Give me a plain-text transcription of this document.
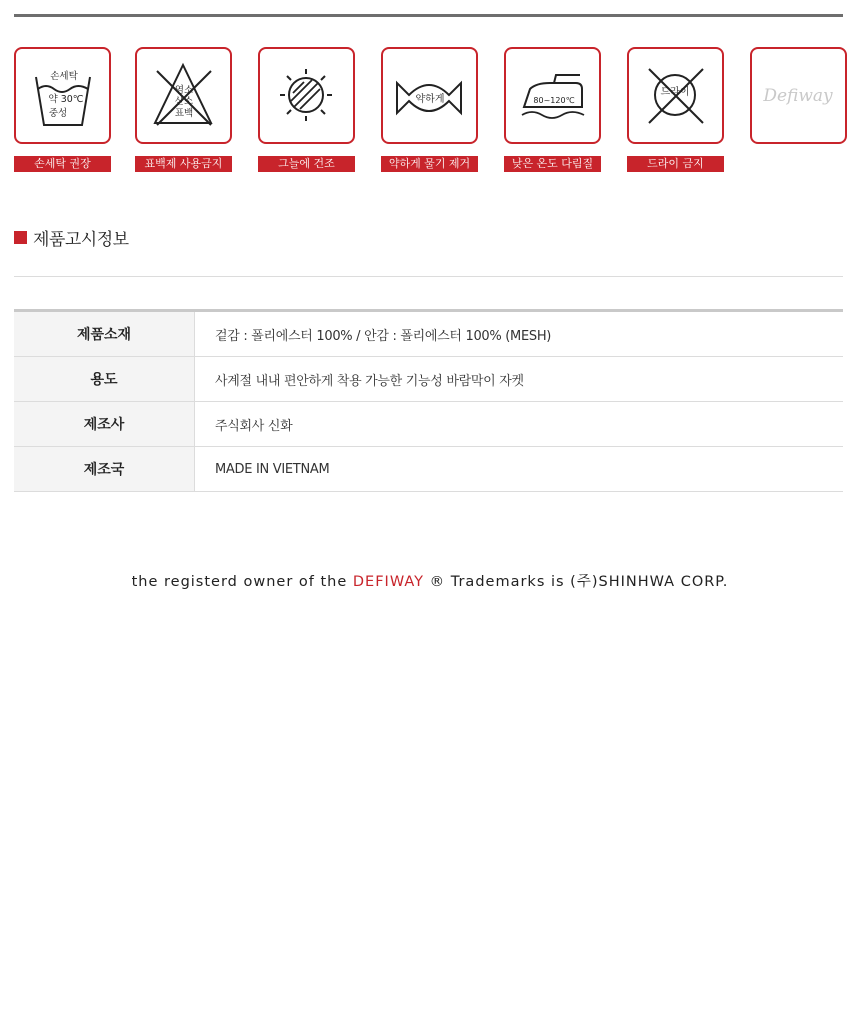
손세탁
약 30℃
중성
손세탁 권장
염소
산소
표백
표백제 사용금지	그늘에 건조
약하게
약하게 물기 제거
80~120℃
낮은 온도 다림질
드라이
드라이 금지
Defiway
제품고시정보
제품소재	겉감 : 폴리에스터 100% / 안감 : 폴리에스터 100% (MESH)
용도	사계절 내내 편안하게 착용 가능한 기능성 바람막이 자켓
제조사	주식회사 신화
제조국	MADE IN VIETNAM
the registerd owner of the DEFIWAY ® Trademarks is (주)SHINHWA CORP.
